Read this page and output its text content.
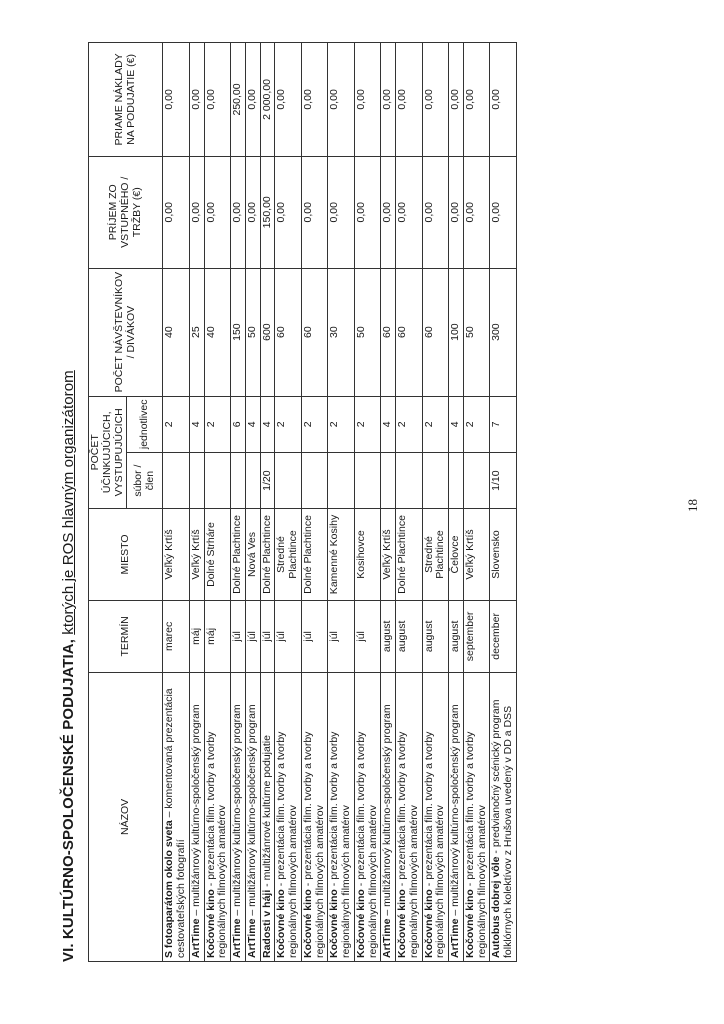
VI. KULTÚRNO-SPOLOČENSKÉ PODUJATIA, ktorých je ROS hlavným organizátorom
NÁZOV	TERMÍN	MIESTO	POČET ÚČINKUJÚCICH, VYSTUPUJÚCICH		POČET NÁVŠTEVNÍKOV / DIVÁKOV	PRÍJEM ZO VSTUPNÉHO / TRŽBY (€)	PRIAME NÁKLADY NA PODUJATIE (€)
			súbor / člen	jednotlivec			
S fotoaparátom okolo sveta – komentovaná prezentácia cestovateľských fotografií	marec	Veľký Krtíš		2	40	0,00	0,00
ArtTime – multižánrový kultúrno-spoločenský program	máj	Veľký Krtíš		4	25	0,00	0,00
Kočovné kino - prezentácia film. tvorby a tvorby regionálnych filmových amatérov	máj	Dolné Strháre		2	40	0,00	0,00
ArtTime – multižánrový kultúrno-spoločenský program	júl	Dolné Plachtince		6	150	0,00	250,00
ArtTime – multižánrový kultúrno-spoločenský program	júl	Nová Ves		4	50	0,00	0,00
Radosti v háji - multižánrové kultúrne podujatie	júl	Dolné Plachtince	1/20	4	600	150,00	2 000,00
Kočovné kino - prezentácia film. tvorby a tvorby regionálnych filmových amatérov	júl	Stredné Plachtince		2	60	0,00	0,00
Kočovné kino - prezentácia film. tvorby a tvorby regionálnych filmových amatérov	júl	Dolné Plachtince		2	60	0,00	0,00
Kočovné kino - prezentácia film. tvorby a tvorby regionálnych filmových amatérov	júl	Kamenné Kosihy		2	30	0,00	0,00
Kočovné kino - prezentácia film. tvorby a tvorby regionálnych filmových amatérov	júl	Kosihovce		2	50	0,00	0,00
ArtTime – multižánrový kultúrno-spoločenský program	august	Veľký Krtíš		4	60	0,00	0,00
Kočovné kino - prezentácia film. tvorby a tvorby regionálnych filmových amatérov	august	Dolné Plachtince		2	60	0,00	0,00
Kočovné kino - prezentácia film. tvorby a tvorby regionálnych filmových amatérov	august	Stredné Plachtince		2	60	0,00	0,00
ArtTime – multižánrový kultúrno-spoločenský program	august	Čelovce		4	100	0,00	0,00
Kočovné kino - prezentácia film. tvorby a tvorby regionálnych filmových amatérov	september	Veľký Krtíš		2	50	0,00	0,00
Autobus dobrej vôle - predvianočný scénický program folklórnych kolektívov z Hrušova uvedený v DD a DSS	december	Slovensko	1/10	7	300	0,00	0,00
18
